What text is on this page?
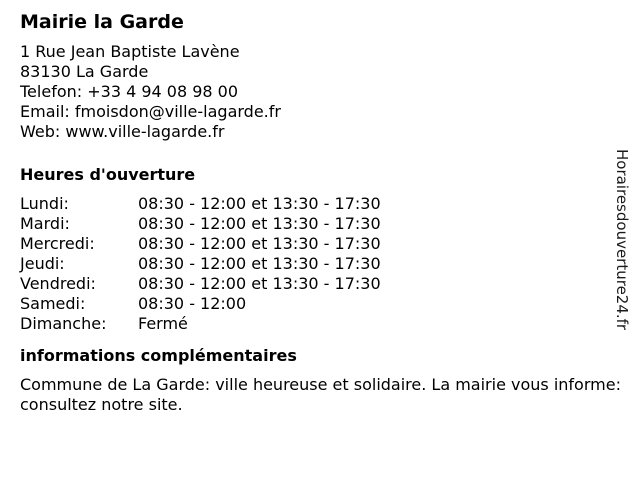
Mairie la Garde
1 Rue Jean Baptiste Lavène
83130 La Garde
Telefon: +33 4 94 08 98 00
Email: fmoisdon@ville-lagarde.fr
Web: www.ville-lagarde.fr
Heures d'ouverture
Lundi:	08:30 - 12:00 et 13:30 - 17:30
Mardi:	08:30 - 12:00 et 13:30 - 17:30
Mercredi:	08:30 - 12:00 et 13:30 - 17:30
Jeudi:	08:30 - 12:00 et 13:30 - 17:30
Vendredi:	08:30 - 12:00 et 13:30 - 17:30
Samedi:	08:30 - 12:00
Dimanche:	Fermé
informations complémentaires
Commune de La Garde: ville heureuse et solidaire. La mairie vous informe: consultez notre site.
Horairesdouverture24.fr
